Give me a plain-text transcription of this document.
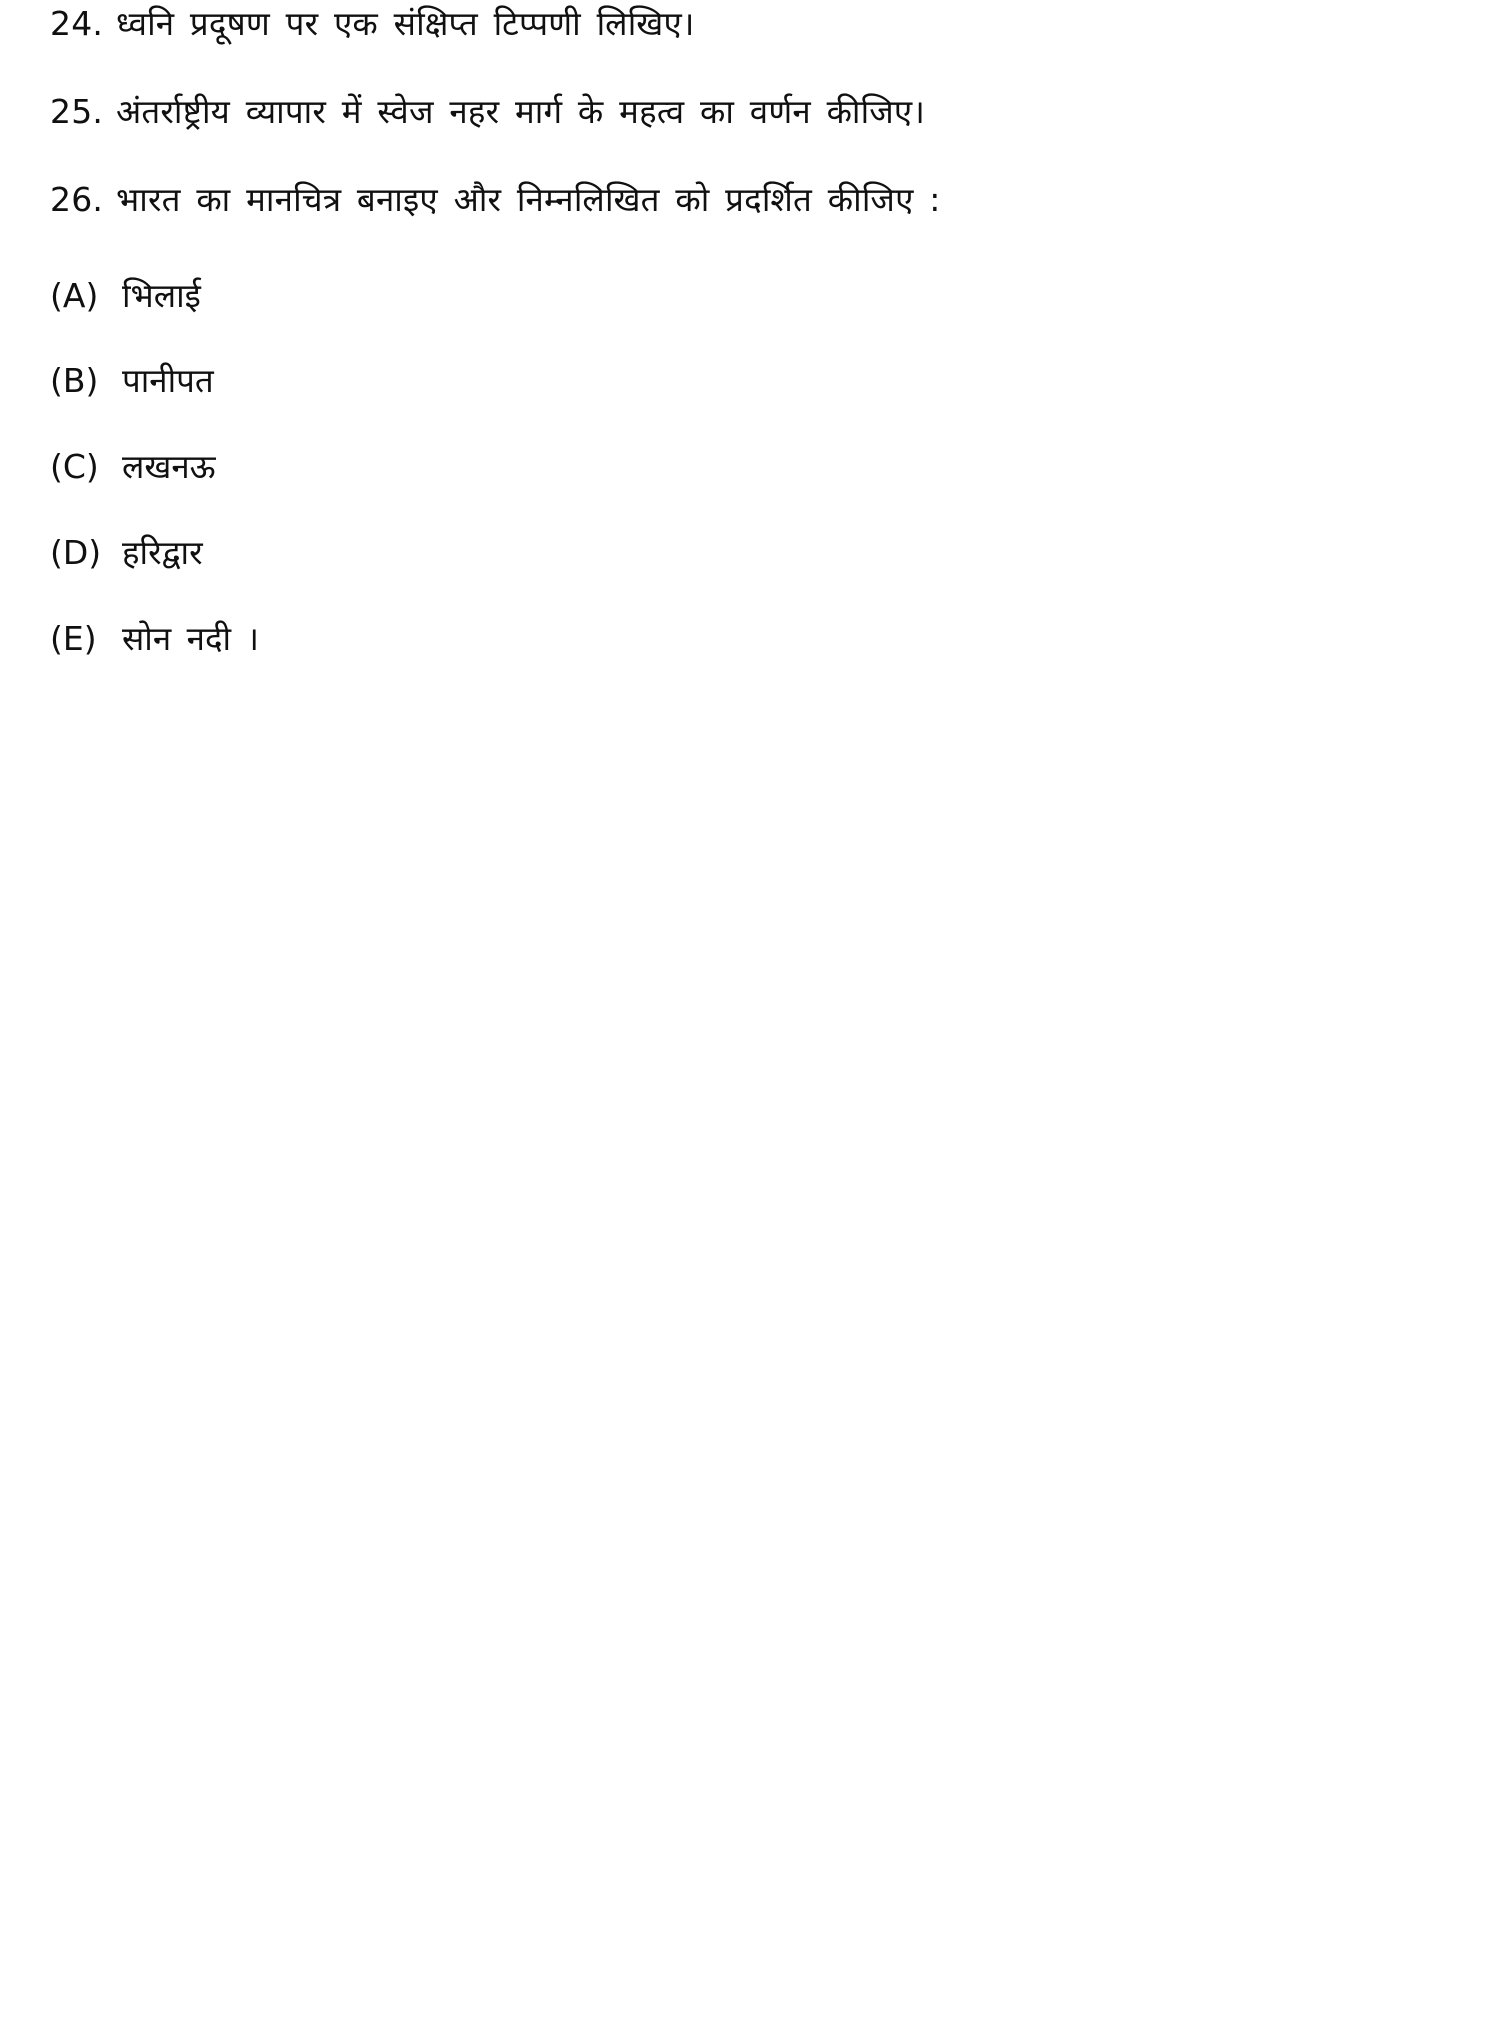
24. ध्वनि प्रदूषण पर एक संक्षिप्त टिप्पणी लिखिए।
25. अंतर्राष्ट्रीय व्यापार में स्वेज नहर मार्ग के महत्व का वर्णन कीजिए।
26. भारत का मानचित्र बनाइए और निम्नलिखित को प्रदर्शित कीजिए :
(A) भिलाई
(B) पानीपत
(C) लखनऊ
(D) हरिद्वार
(E) सोन नदी ।
